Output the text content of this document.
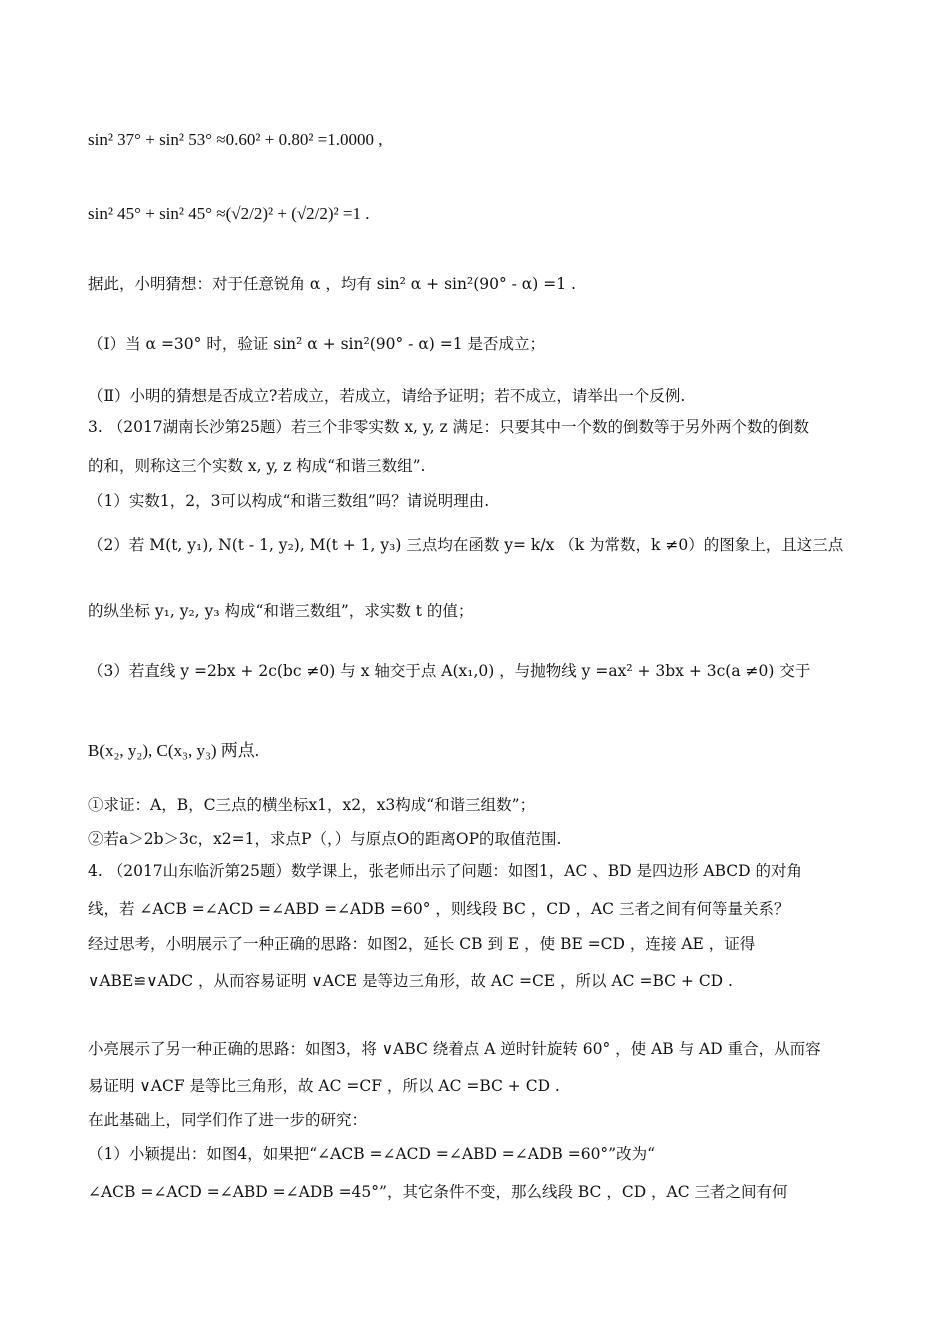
sin² 37° + sin² 53° ≈0.60² + 0.80² =1.0000 ,
sin² 45° + sin² 45° ≈(√2/2)² + (√2/2)² =1 .
据此，小明猜想：对于任意锐角 α ，均有 sin² α + sin²(90° - α) =1 .
（Ⅰ）当 α =30° 时，验证 sin² α + sin²(90° - α) =1 是否成立；
（Ⅱ）小明的猜想是否成立?若成立，若成立，请给予证明；若不成立，请举出一个反例.
3. （2017湖南长沙第25题）若三个非零实数 x, y, z 满足：只要其中一个数的倒数等于另外两个数的倒数
的和，则称这三个实数 x, y, z 构成“和谐三数组”.
（1）实数1，2，3可以构成“和谐三数组”吗？请说明理由.
（2）若 M(t, y₁), N(t - 1, y₂), M(t + 1, y₃) 三点均在函数 y= k/x （k 为常数，k ≠0）的图象上，且这三点
的纵坐标 y₁, y₂, y₃ 构成“和谐三数组”，求实数 t 的值；
（3）若直线 y =2bx + 2c(bc ≠0) 与 x 轴交于点 A(x₁,0) ，与抛物线 y =ax² + 3bx + 3c(a ≠0) 交于
B(x₂, y₂), C(x₃, y₃) 两点.
①求证：A，B，C三点的横坐标x1，x2，x3构成“和谐三组数”；
②若a＞2b＞3c，x2=1，求点P（，）与原点O的距离OP的取值范围.
4. （2017山东临沂第25题）数学课上，张老师出示了问题：如图1，AC 、BD 是四边形 ABCD 的对角
线，若 ∠ACB =∠ACD =∠ABD =∠ADB =60° ，则线段 BC ，CD ，AC 三者之间有何等量关系？
经过思考，小明展示了一种正确的思路：如图2，延长 CB 到 E ，使 BE =CD ，连接 AE ，证得
∨ABE≌∨ADC ，从而容易证明 ∨ACE 是等边三角形，故 AC =CE ，所以 AC =BC + CD .
小亮展示了另一种正确的思路：如图3，将 ∨ABC 绕着点 A 逆时针旋转 60° ，使 AB 与 AD 重合，从而容
易证明 ∨ACF 是等比三角形，故 AC =CF ，所以 AC =BC + CD .
在此基础上，同学们作了进一步的研究：
（1）小颖提出：如图4，如果把“∠ACB =∠ACD =∠ABD =∠ADB =60°”改为“
∠ACB =∠ACD =∠ABD =∠ADB =45°”，其它条件不变，那么线段 BC ，CD ，AC 三者之间有何
